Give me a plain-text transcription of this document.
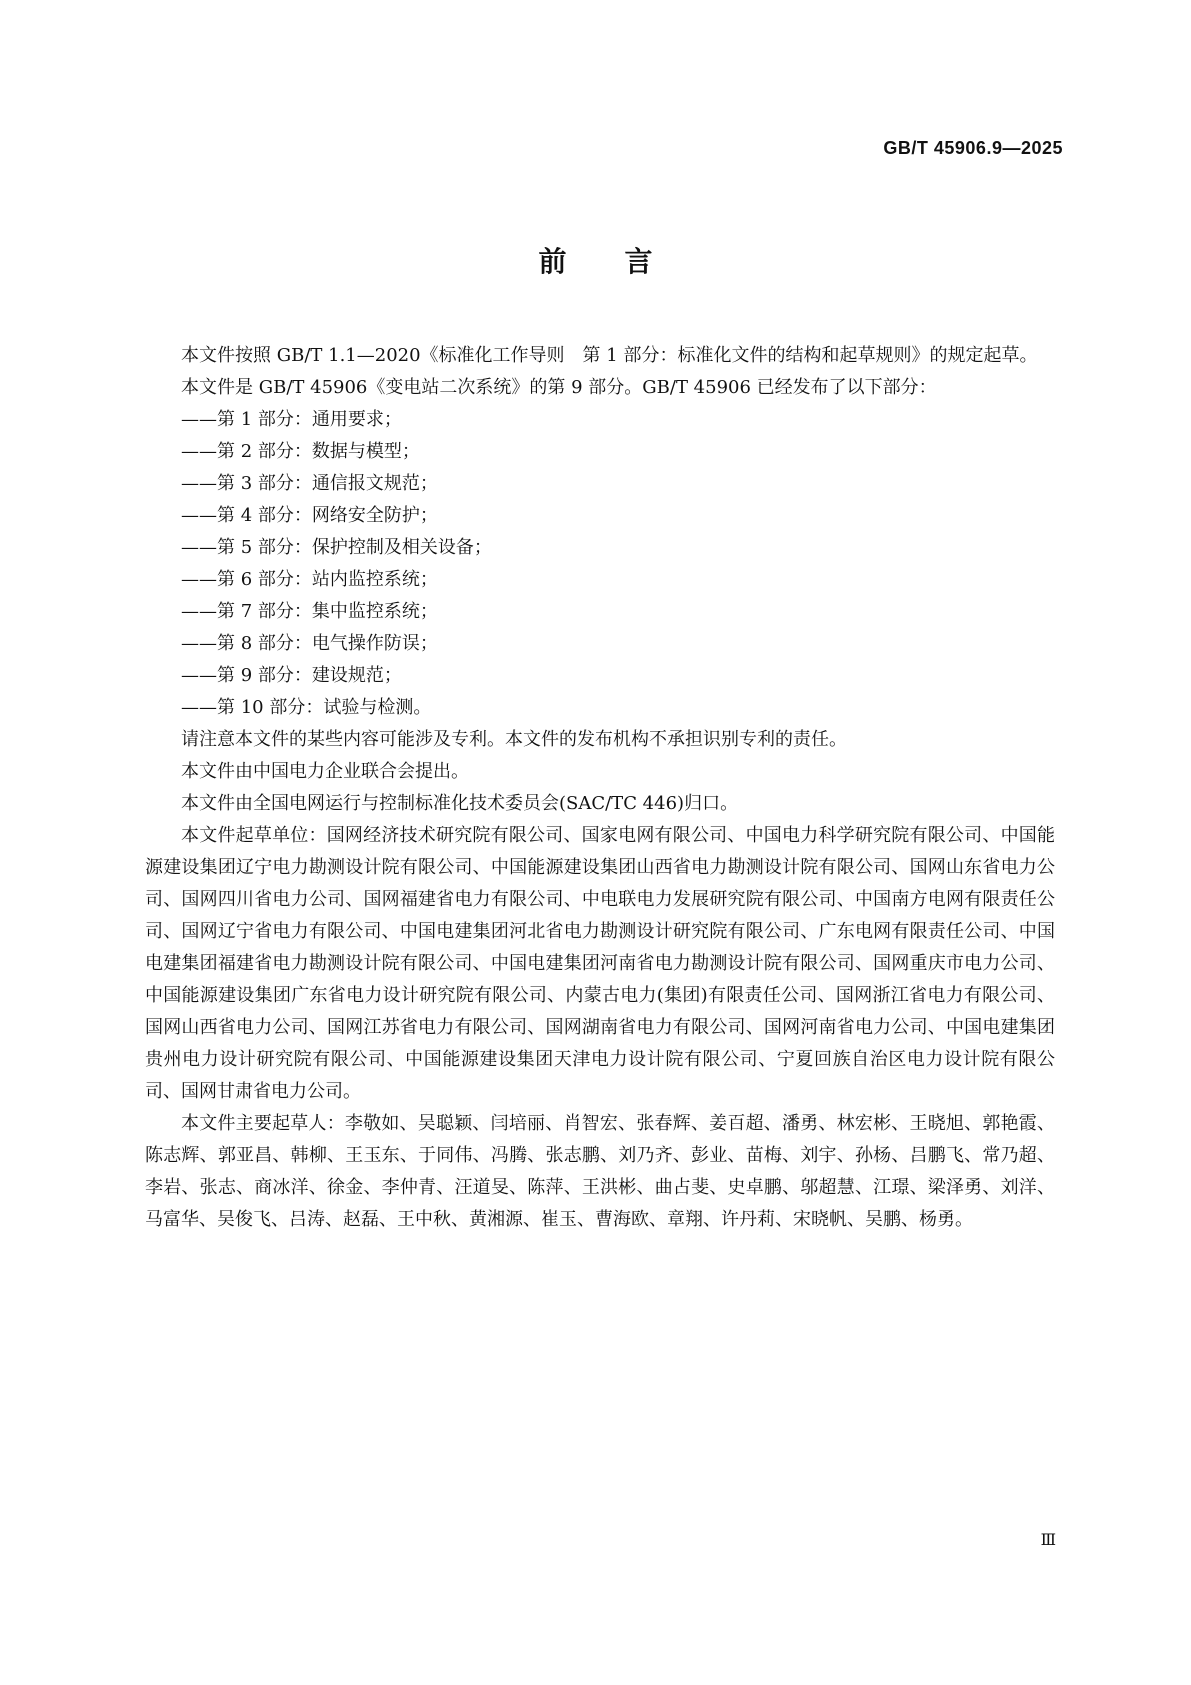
GB/T 45906.9—2025
前言

本文件按照 GB/T 1.1—2020《标准化工作导则　第 1 部分：标准化文件的结构和起草规则》的规定起草。

本文件是 GB/T 45906《变电站二次系统》的第 9 部分。GB/T 45906 已经发布了以下部分：

——第 1 部分：通用要求；
——第 2 部分：数据与模型；
——第 3 部分：通信报文规范；
——第 4 部分：网络安全防护；
——第 5 部分：保护控制及相关设备；
——第 6 部分：站内监控系统；
——第 7 部分：集中监控系统；
——第 8 部分：电气操作防误；
——第 9 部分：建设规范；
——第 10 部分：试验与检测。

请注意本文件的某些内容可能涉及专利。本文件的发布机构不承担识别专利的责任。

本文件由中国电力企业联合会提出。

本文件由全国电网运行与控制标准化技术委员会(SAC/TC 446)归口。

本文件起草单位：国网经济技术研究院有限公司、国家电网有限公司、中国电力科学研究院有限公司、中国能源建设集团辽宁电力勘测设计院有限公司、中国能源建设集团山西省电力勘测设计院有限公司、国网山东省电力公司、国网四川省电力公司、国网福建省电力有限公司、中电联电力发展研究院有限公司、中国南方电网有限责任公司、国网辽宁省电力有限公司、中国电建集团河北省电力勘测设计研究院有限公司、广东电网有限责任公司、中国电建集团福建省电力勘测设计院有限公司、中国电建集团河南省电力勘测设计院有限公司、国网重庆市电力公司、中国能源建设集团广东省电力设计研究院有限公司、内蒙古电力(集团)有限责任公司、国网浙江省电力有限公司、国网山西省电力公司、国网江苏省电力有限公司、国网湖南省电力有限公司、国网河南省电力公司、中国电建集团贵州电力设计研究院有限公司、中国能源建设集团天津电力设计院有限公司、宁夏回族自治区电力设计院有限公司、国网甘肃省电力公司。

本文件主要起草人：李敬如、吴聪颖、闫培丽、肖智宏、张春辉、姜百超、潘勇、林宏彬、王晓旭、郭艳霞、陈志辉、郭亚昌、韩柳、王玉东、于同伟、冯腾、张志鹏、刘乃齐、彭业、苗梅、刘宇、孙杨、吕鹏飞、常乃超、李岩、张志、商冰洋、徐金、李仲青、汪道旻、陈萍、王洪彬、曲占斐、史卓鹏、邬超慧、江璟、梁泽勇、刘洋、马富华、吴俊飞、吕涛、赵磊、王中秋、黄湘源、崔玉、曹海欧、章翔、许丹莉、宋晓帆、吴鹏、杨勇。

Ⅲ
